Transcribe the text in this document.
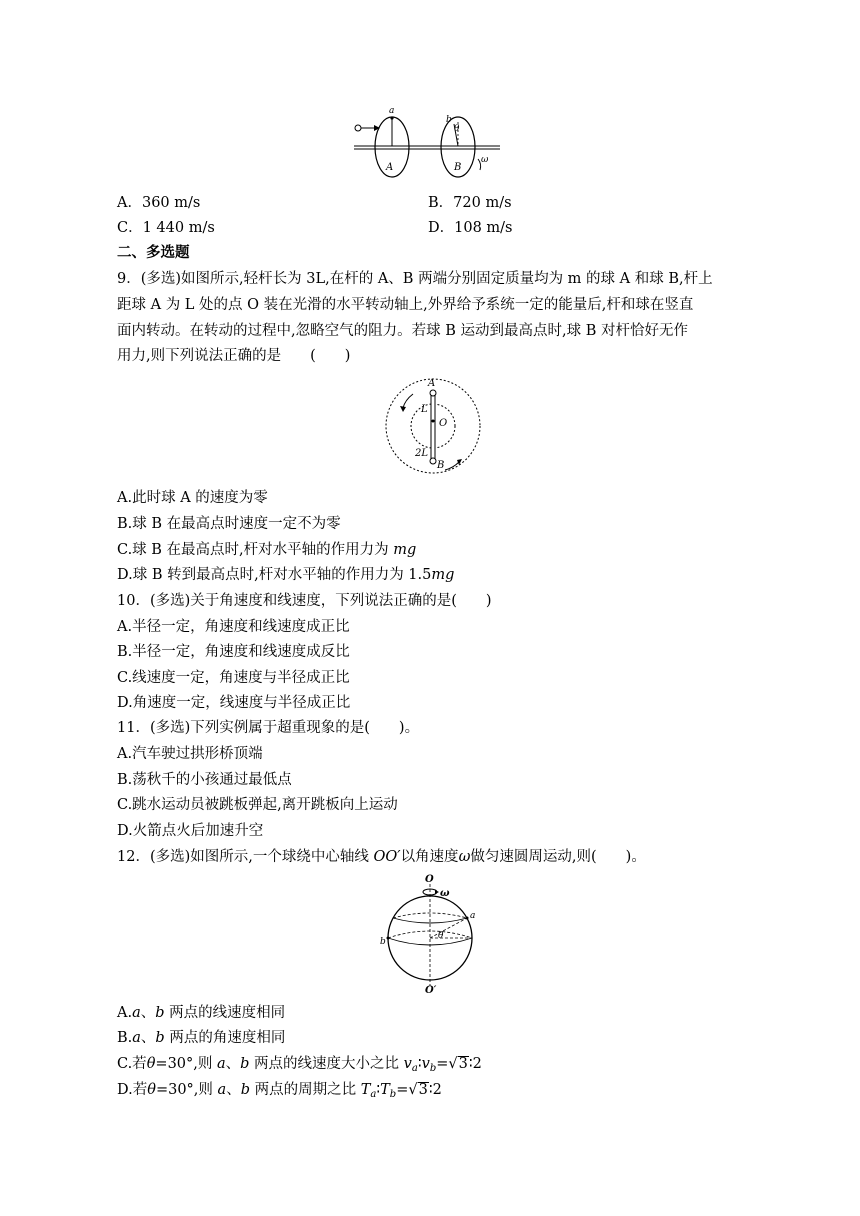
a
b
θ
A	B
ω
A．360 m/s	B．720 m/s
C．1 440 m/s	D．108 m/s
二、多选题
9．(多选)如图所示,轻杆长为 3L,在杆的 A、B 两端分别固定质量均为 m 的球 A 和球 B,杆上
距球 A 为 L 处的点 O 装在光滑的水平转动轴上,外界给予系统一定的能量后,杆和球在竖直
面内转动。在转动的过程中,忽略空气的阻力。若球 B 运动到最高点时,球 B 对杆恰好无作
用力,则下列说法正确的是　　(　　)
A
L
O
2L
B
A.此时球 A 的速度为零
B.球 B 在最高点时速度一定不为零
C.球 B 在最高点时,杆对水平轴的作用力为 mg
D.球 B 转到最高点时,杆对水平轴的作用力为 1.5mg
10．(多选)关于角速度和线速度，下列说法正确的是(　　)
A.半径一定，角速度和线速度成正比
B.半径一定，角速度和线速度成反比
C.线速度一定，角速度与半径成正比
D.角速度一定，线速度与半径成正比
11．(多选)下列实例属于超重现象的是(　　)。
A.汽车驶过拱形桥顶端
B.荡秋千的小孩通过最低点
C.跳水运动员被跳板弹起,离开跳板向上运动
D.火箭点火后加速升空
12．(多选)如图所示,一个球绕中心轴线 OO′以角速度ω做匀速圆周运动,则(　　)。
O
ω
a
b
θ
O′
A.a、b 两点的线速度相同
B.a、b 两点的角速度相同
C.若θ=30°,则 a、b 两点的线速度大小之比 $v_a∶v_b=√3∶2$
D.若θ=30°,则 a、b 两点的周期之比 $T_a∶T_b=√3∶2$
